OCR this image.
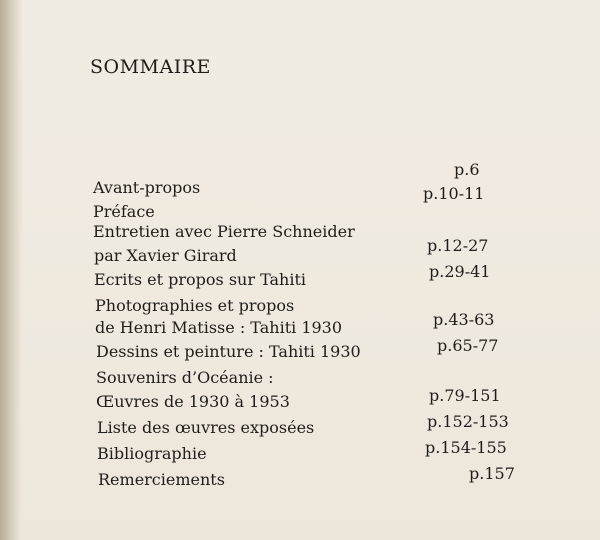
SOMMAIRE
Avant-propos
Préface
Entretien avec Pierre Schneider
par Xavier Girard
Ecrits et propos sur Tahiti
Photographies et propos
de Henri Matisse : Tahiti 1930
Dessins et peinture : Tahiti 1930
Souvenirs d’Océanie :
Œuvres de 1930 à 1953
Liste des œuvres exposées
Bibliographie
Remerciements
p.6
p.10-11
p.12-27
p.29-41
p.43-63
p.65-77
p.79-151
p.152-153
p.154-155
p.157
